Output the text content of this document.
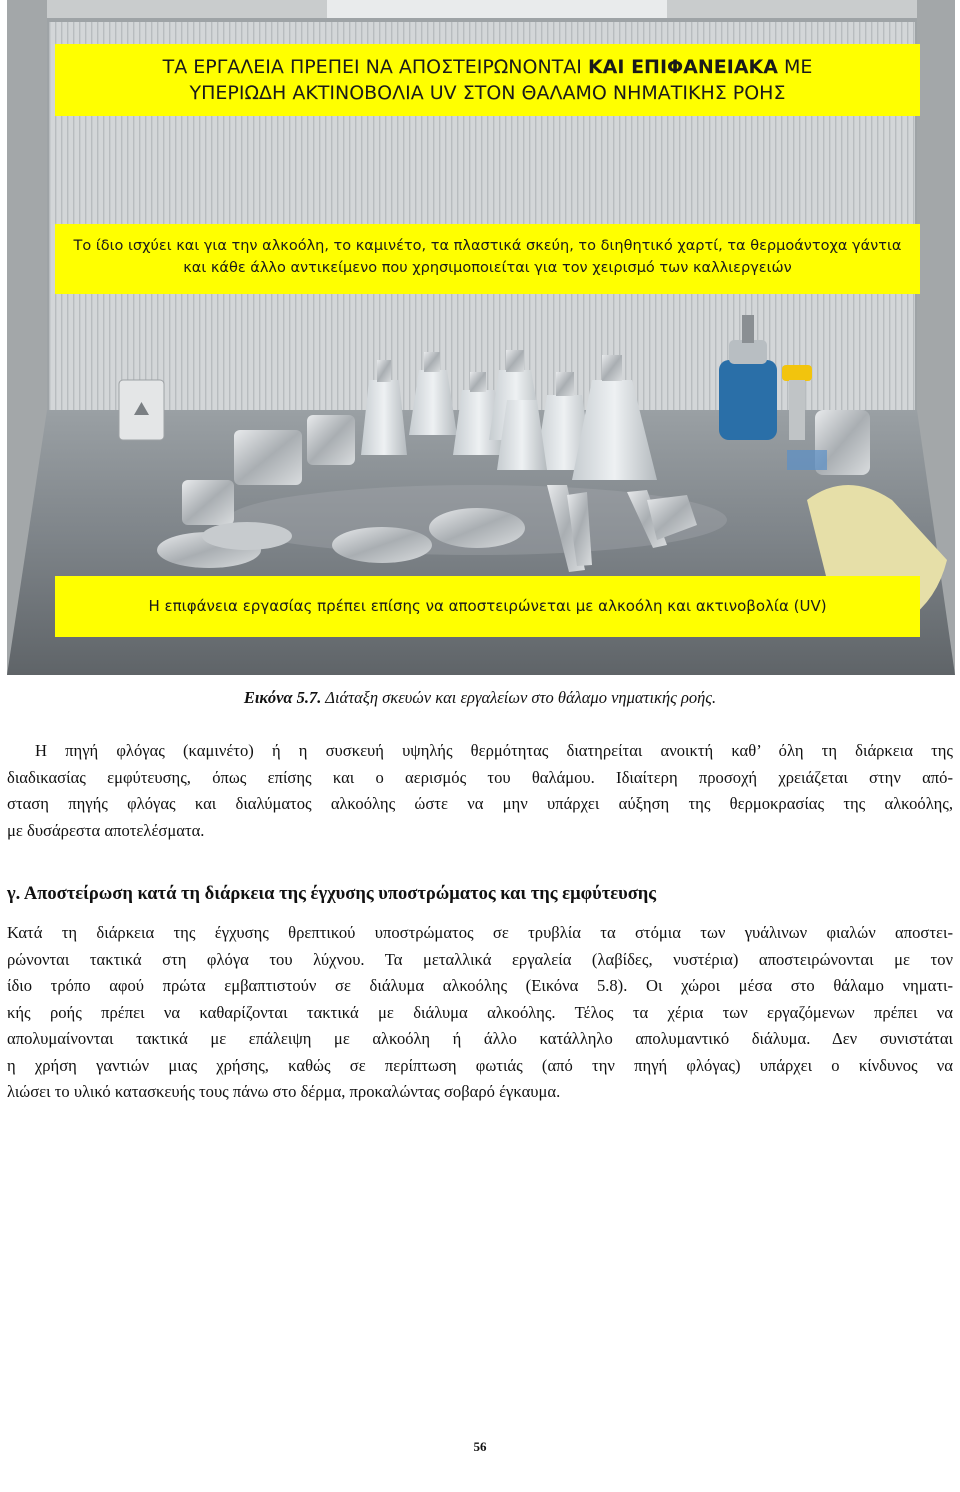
ΤΑ ΕΡΓΑΛΕΙΑ ΠΡΕΠΕΙ ΝΑ ΑΠΟΣΤΕΙΡΩΝΟΝΤΑΙ ΚΑΙ ΕΠΙΦΑΝΕΙΑΚΑ ΜΕ
ΥΠΕΡΙΩΔΗ ΑΚΤΙΝΟΒΟΛΙΑ UV ΣΤΟΝ ΘΑΛΑΜΟ ΝΗΜΑΤΙΚΗΣ ΡΟΗΣ
Το ίδιο ισχύει και για την αλκοόλη, το καμινέτο, τα πλαστικά σκεύη, το διηθητικό χαρτί, τα θερμοάντοχα γάντια
και κάθε άλλο αντικείμενο που χρησιμοποιείται για τον χειρισμό των καλλιεργειών
Η επιφάνεια εργασίας πρέπει επίσης να αποστειρώνεται με αλκοόλη και ακτινοβολία (UV)
Εικόνα 5.7. Διάταξη σκευών και εργαλείων στο θάλαμο νηματικής ροής.
Η πηγή φλόγας (καμινέτο) ή η συσκευή υψηλής θερμότητας διατηρείται ανοικτή καθ’ όλη τη διάρκεια της
διαδικασίας εμφύτευσης, όπως επίσης και ο αερισμός του θαλάμου. Ιδιαίτερη προσοχή χρειάζεται στην από-
σταση πηγής φλόγας και διαλύματος αλκοόλης ώστε να μην υπάρχει αύξηση της θερμοκρασίας της αλκοόλης,
με δυσάρεστα αποτελέσματα.
γ. Αποστείρωση κατά τη διάρκεια της έγχυσης υποστρώματος και της εμφύτευσης
Κατά τη διάρκεια της έγχυσης θρεπτικού υποστρώματος σε τρυβλία τα στόμια των γυάλινων φιαλών αποστει-
ρώνονται τακτικά στη φλόγα του λύχνου. Τα μεταλλικά εργαλεία (λαβίδες, νυστέρια) αποστειρώνονται με τον
ίδιο τρόπο αφού πρώτα εμβαπτιστούν σε διάλυμα αλκοόλης (Εικόνα 5.8). Οι χώροι μέσα στο θάλαμο νηματι-
κής ροής πρέπει να καθαρίζονται τακτικά με διάλυμα αλκοόλης. Τέλος τα χέρια των εργαζόμενων πρέπει να
απολυμαίνονται τακτικά με επάλειψη με αλκοόλη ή άλλο κατάλληλο απολυμαντικό διάλυμα. Δεν συνιστάται
η χρήση γαντιών μιας χρήσης, καθώς σε περίπτωση φωτιάς (από την πηγή φλόγας) υπάρχει ο κίνδυνος να
λιώσει το υλικό κατασκευής τους πάνω στο δέρμα, προκαλώντας σοβαρό έγκαυμα.
56
